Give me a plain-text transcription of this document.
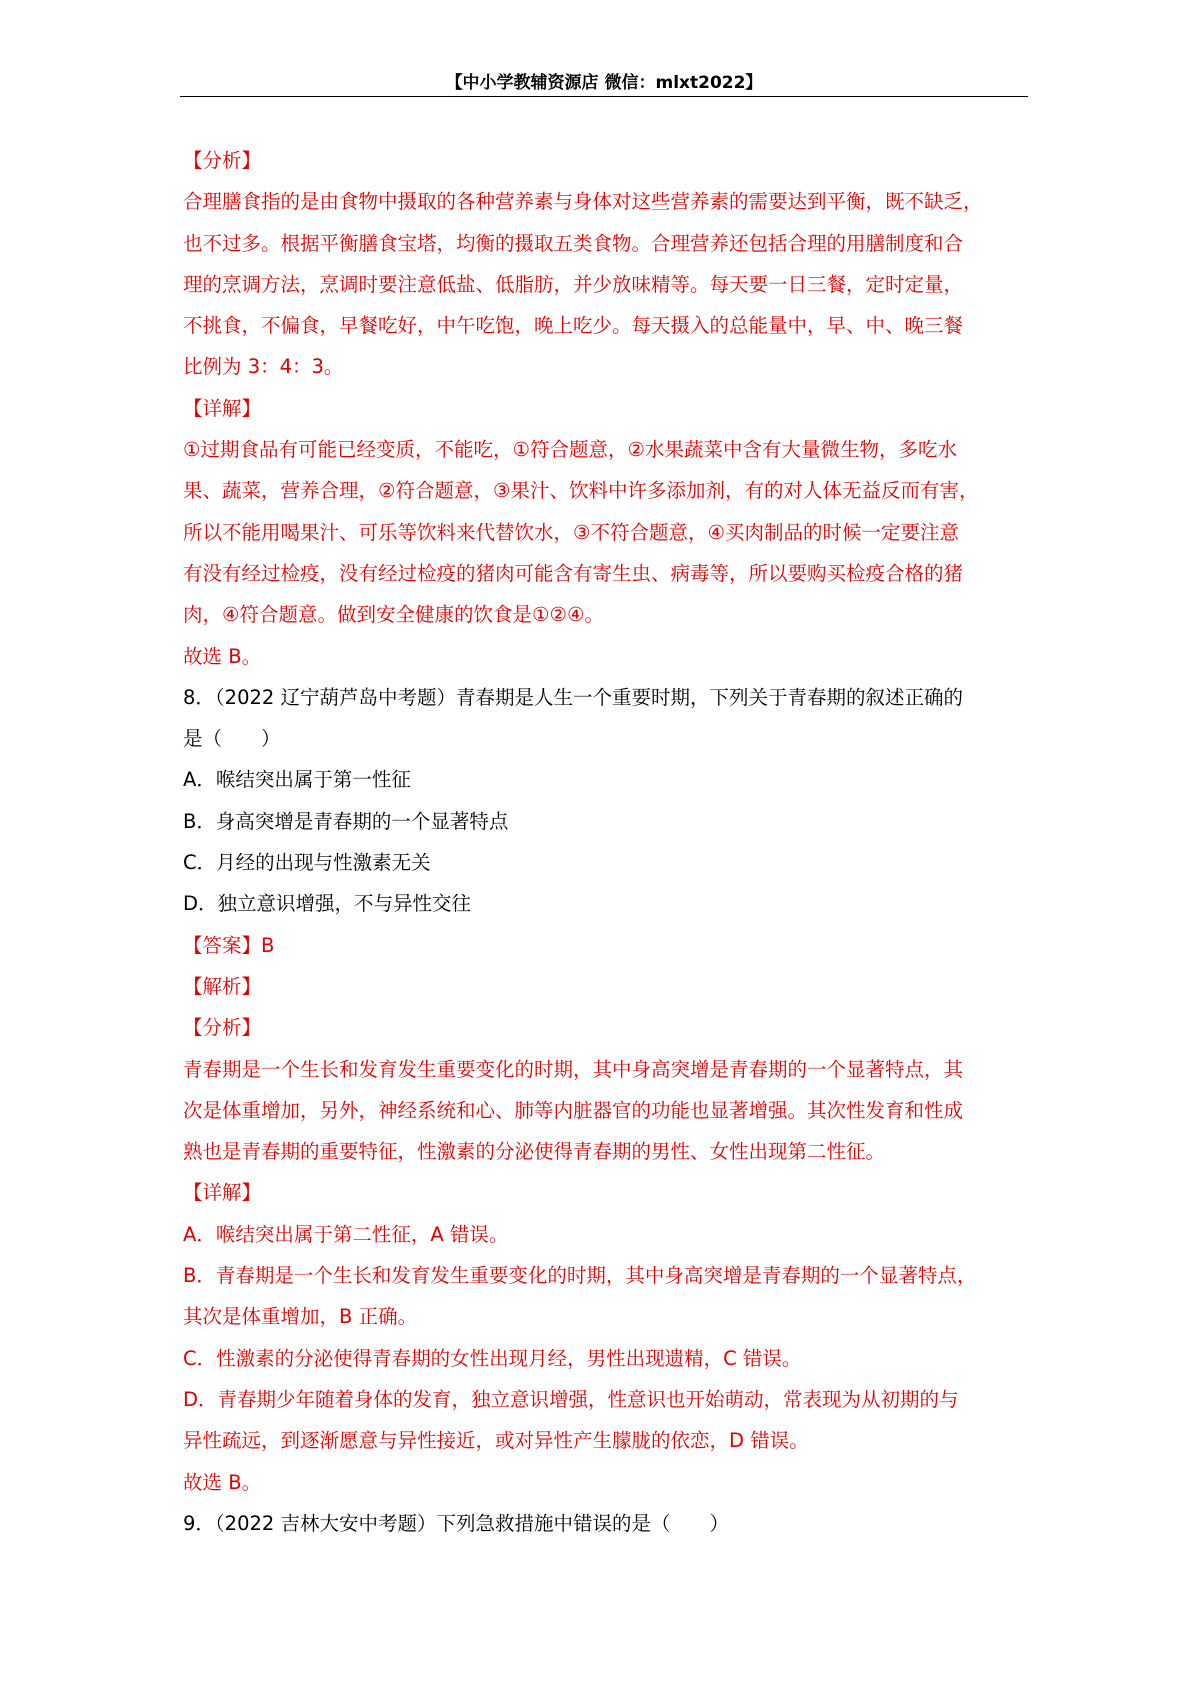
【中小学教辅资源店 微信：mlxt2022】
【分析】
合理膳食指的是由食物中摄取的各种营养素与身体对这些营养素的需要达到平衡，既不缺乏，
也不过多。根据平衡膳食宝塔，均衡的摄取五类食物。合理营养还包括合理的用膳制度和合
理的烹调方法，烹调时要注意低盐、低脂肪，并少放味精等。每天要一日三餐，定时定量，
不挑食，不偏食，早餐吃好，中午吃饱，晚上吃少。每天摄入的总能量中，早、中、晚三餐
比例为 3：4：3。
【详解】
①过期食品有可能已经变质，不能吃，①符合题意，②水果蔬菜中含有大量微生物，多吃水
果、蔬菜，营养合理，②符合题意，③果汁、饮料中许多添加剂，有的对人体无益反而有害，
所以不能用喝果汁、可乐等饮料来代替饮水，③不符合题意，④买肉制品的时候一定要注意
有没有经过检疫，没有经过检疫的猪肉可能含有寄生虫、病毒等，所以要购买检疫合格的猪
肉，④符合题意。做到安全健康的饮食是①②④。
故选 B。
8．（2022 辽宁葫芦岛中考题）青春期是人生一个重要时期，下列关于青春期的叙述正确的
是（　　）
A．喉结突出属于第一性征
B．身高突增是青春期的一个显著特点
C．月经的出现与性激素无关
D．独立意识增强，不与异性交往
【答案】B
【解析】
【分析】
青春期是一个生长和发育发生重要变化的时期，其中身高突增是青春期的一个显著特点，其
次是体重增加，另外，神经系统和心、肺等内脏器官的功能也显著增强。其次性发育和性成
熟也是青春期的重要特征，性激素的分泌使得青春期的男性、女性出现第二性征。
【详解】
A．喉结突出属于第二性征，A 错误。
B．青春期是一个生长和发育发生重要变化的时期，其中身高突增是青春期的一个显著特点，
其次是体重增加，B 正确。
C．性激素的分泌使得青春期的女性出现月经，男性出现遗精，C 错误。
D．青春期少年随着身体的发育，独立意识增强，性意识也开始萌动，常表现为从初期的与
异性疏远，到逐渐愿意与异性接近，或对异性产生朦胧的依恋，D 错误。
故选 B。
9．（2022 吉林大安中考题）下列急救措施中错误的是（　　）
